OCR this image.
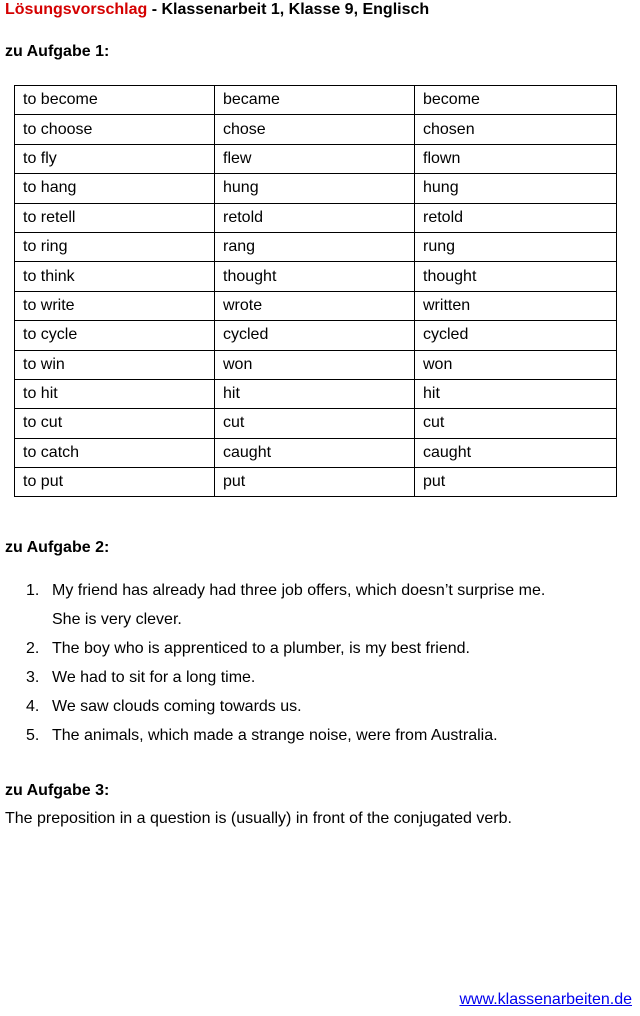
Lösungsvorschlag - Klassenarbeit 1, Klasse 9, Englisch
zu Aufgabe 1:
to become	became	become
to choose	chose	chosen
to fly	flew	flown
to hang	hung	hung
to retell	retold	retold
to ring	rang	rung
to think	thought	thought
to write	wrote	written
to cycle	cycled	cycled
to win	won	won
to hit	hit	hit
to cut	cut	cut
to catch	caught	caught
to put	put	put
zu Aufgabe 2:
1. My friend has already had three job offers, which doesn’t surprise me.
She is very clever.
2. The boy who is apprenticed to a plumber, is my best friend.
3. We had to sit for a long time.
4. We saw clouds coming towards us.
5. The animals, which made a strange noise, were from Australia.
zu Aufgabe 3:
The preposition in a question is (usually) in front of the conjugated verb.
www.klassenarbeiten.de
